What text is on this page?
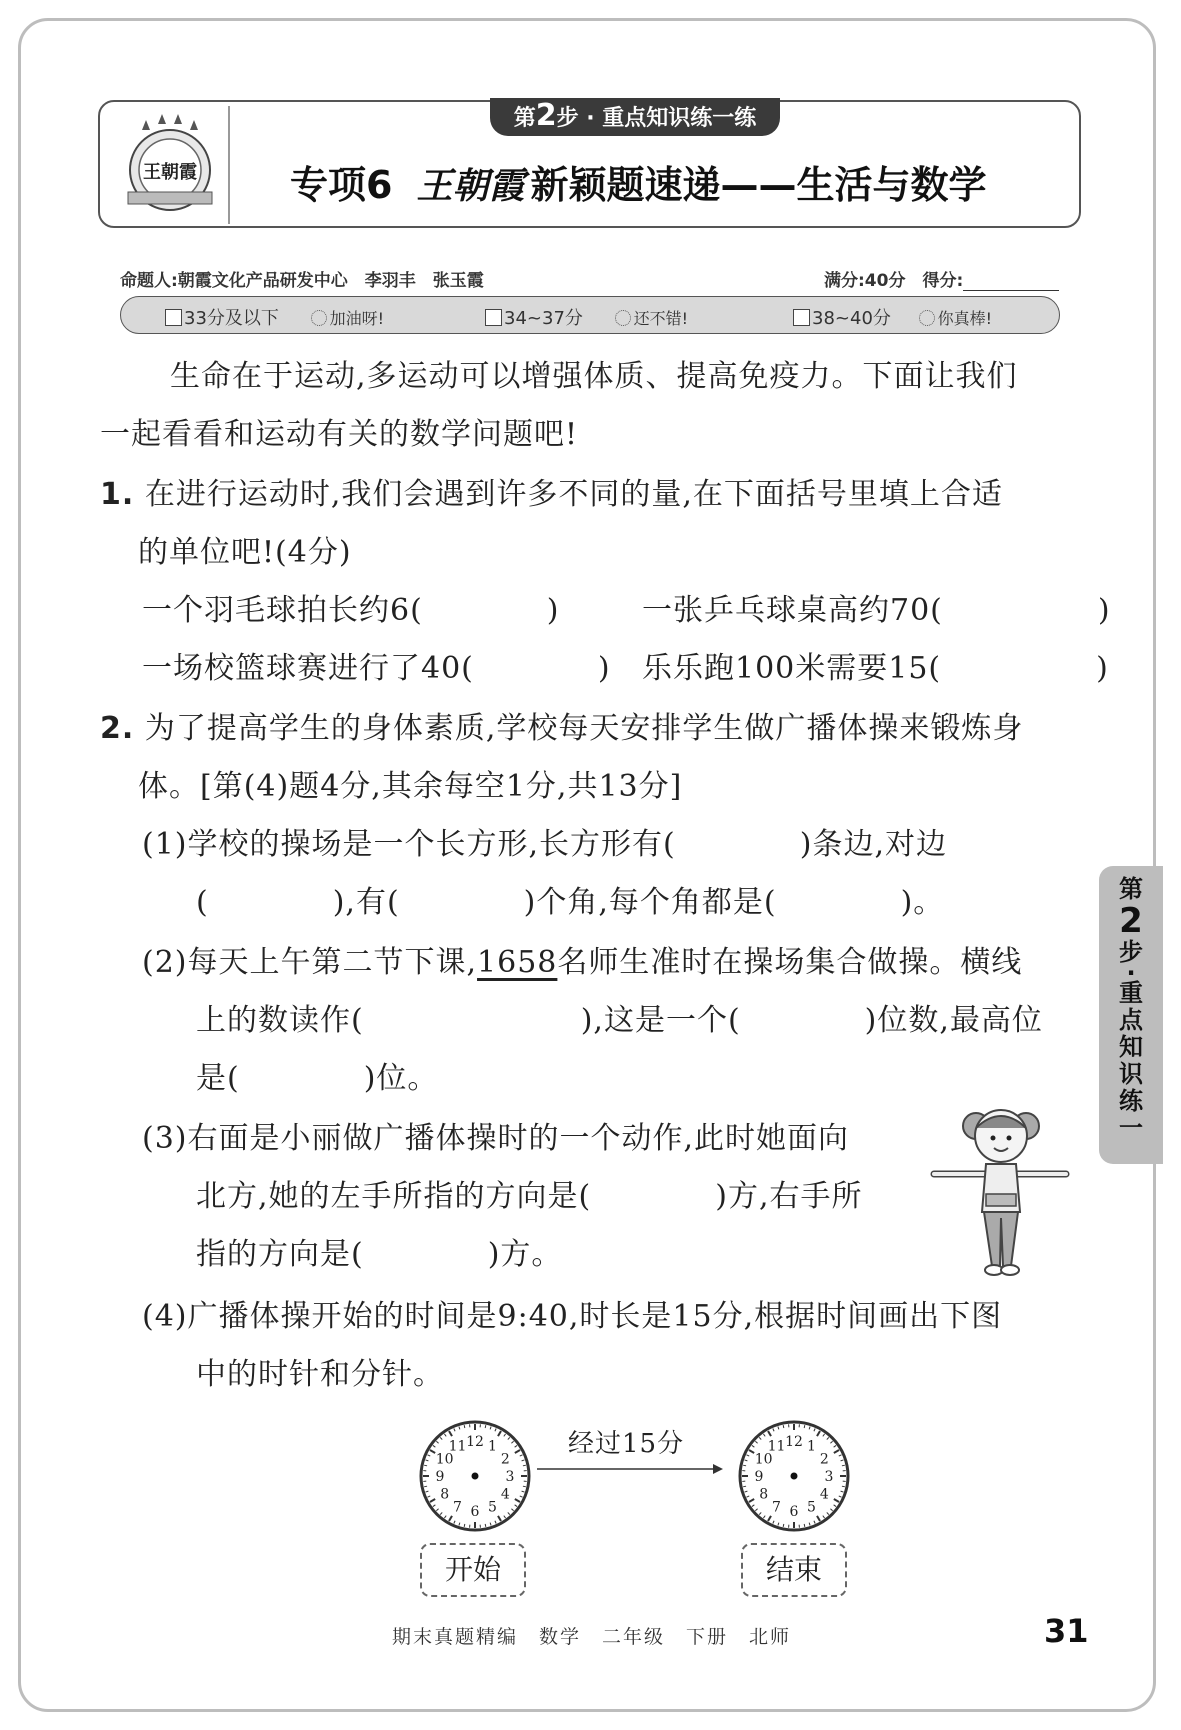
王朝霞
第2步 · 重点知识练一练
专项6 王朝霞 新颖题速递——生活与数学
命题人:朝霞文化产品研发中心　李羽丰　张玉霞	满分:40分　 得分:
33分及以下	加油呀!	34~37分	还不错!	38~40分	你真棒!
生命在于运动,多运动可以增强体质、提高免疫力。下面让我们
一起看看和运动有关的数学问题吧!
1. 在进行运动时,我们会遇到许多不同的量,在下面括号里填上合适
的单位吧!(4分)
一个羽毛球拍长约6(　　　　)	一张乒乓球桌高约70(　　　　　)
一场校篮球赛进行了40(　　　　) 乐乐跑100米需要15(　　　　　)
2. 为了提高学生的身体素质,学校每天安排学生做广播体操来锻炼身
体。[第(4)题4分,其余每空1分,共13分]
(1)学校的操场是一个长方形,长方形有(　　　　)条边,对边
(　　　　),有(　　　　)个角,每个角都是(　　　　)。
(2)每天上午第二节下课,1658名师生准时在操场集合做操。横线
上的数读作(　　　　　　　),这是一个(　　　　)位数,最高位
是(　　　　)位。
(3)右面是小丽做广播体操时的一个动作,此时她面向
北方,她的左手所指的方向是(　　　　)方,右手所
指的方向是(　　　　)方。
(4)广播体操开始的时间是9:40,时长是15分,根据时间画出下图
中的时针和分针。
12 1
2
3
4
5
6
7
8
9
10
11	12 1
2
3
4
5
6
7
8
9
10
11
经过15分
开始	结束
第
2
步
·
重
点
知
识
练
一
期末真题精编　数学　二年级　下册　北师	31
